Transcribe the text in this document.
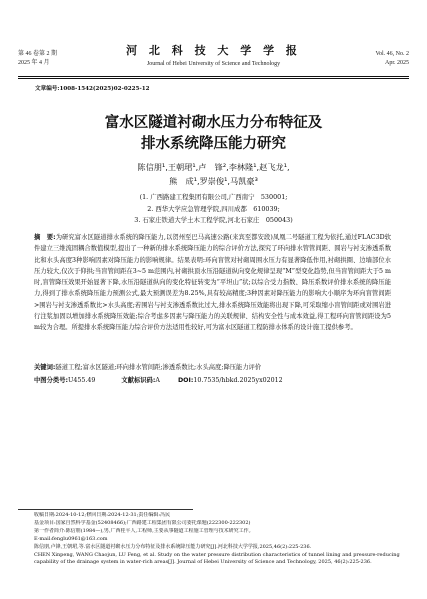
第 46 卷第 2 期
2025 年 4 月
河 北 科 技 大 学 学 报
Journal of Hebei University of Science and Technology
Vol. 46, No. 2
Apr. 2025
文章编号:1008-1542(2025)02-0225-12
富水区隧道衬砌水压力分布特征及
排水系统降压能力研究
陈信朋¹,王朝珺¹,卢　锋²,李林隆¹,赵飞龙¹,
熊　成¹,罗崇俊¹,马凯豪³
(1. 广西路建工程集团有限公司,广西南宁　530001;
2. 西华大学应急管理学院,四川成都　610039;
3. 石家庄铁道大学土木工程学院,河北石家庄　050043)
摘　要:为研究富水区隧道排水系统的降压能力,以贺州至巴马高速公路(来宾至都安段)凤凰二号隧道工程为依托,通过FLAC3D软件建立三维流固耦合数值模型,提出了一种新的排水系统降压能力的综合评价方法,探究了环向排水管管间距、圆岩与衬支渗透系数比和水头高度3种影响因素对降压能力的影响规律。结果表明:环向盲管对衬砌周围水压力有显著降低作用,衬砌拱圈、边墙部位水压力较大,仅次于仰拱;当盲管间距在3~5 m范围内,衬砌拱顶水压沿隧道纵向变化规律呈现“M”型变化趋势,但当盲管间距大于5 m时,盲管降压效果开始显著下降,水压沿隧道纵向的变化特征转变为“平坦山”状;以综合受力指数、降压系数评价排水系统的降压能力,得到了排水系统降压能力预测公式,最大预测误差为8.25%,具有较高精度;3种因素对降压能力的影响大小顺序为环向盲管间距>围岩与衬支渗透系数比>水头高度;若围岩与衬支渗透系数比过大,排水系统降压效能将出现下降,可采取缩小盲管间距或对围岩进行注浆加固以增加排水系统降压效能;综合考虑多因素与降压能力的关联规律、结构安全性与成本效益,得工程环向盲管间距设为5 m较为合理。所提排水系统降压能力综合评价方法适用性较好,可为富水区隧道工程防排水体系的设计施工提供参考。
关键词:隧道工程;富水区隧道;环向排水管间距;渗透系数比;水头高度;降压能力评价
中图分类号:U455.49	文献标识码:A	DOI:10.7535/hbkd.2025yx02012
收稿日期:2024-10-12;修回日期:2024-12-31;责任编辑:冯民
基金项目:国家自然科学基金(52408466);广西路建工程集团有限公司委托课题(222300-222302)
第一作者简介:陈信朋(1984—),男,广西桂平人,工程师,主要从事隧道工程施工管理与技术研究工作。
E-mail:fenglu0961@163.com
陈信朋,卢锋,王朝珺,等.富水区隧道衬砌水压力分布特征及排水系统降压能力研究[J].河北科技大学学报,2025,46(2):225-236.
CHEN Xinpeng, WANG Chaojun, LU Feng, et al. Study on the water pressure distribution characteristics of tunnel lining and pressure-reducing capability of the drainage system in water-rich areas[J]. Journal of Hebei University of Science and Technology, 2025, 46(2):225-236.
